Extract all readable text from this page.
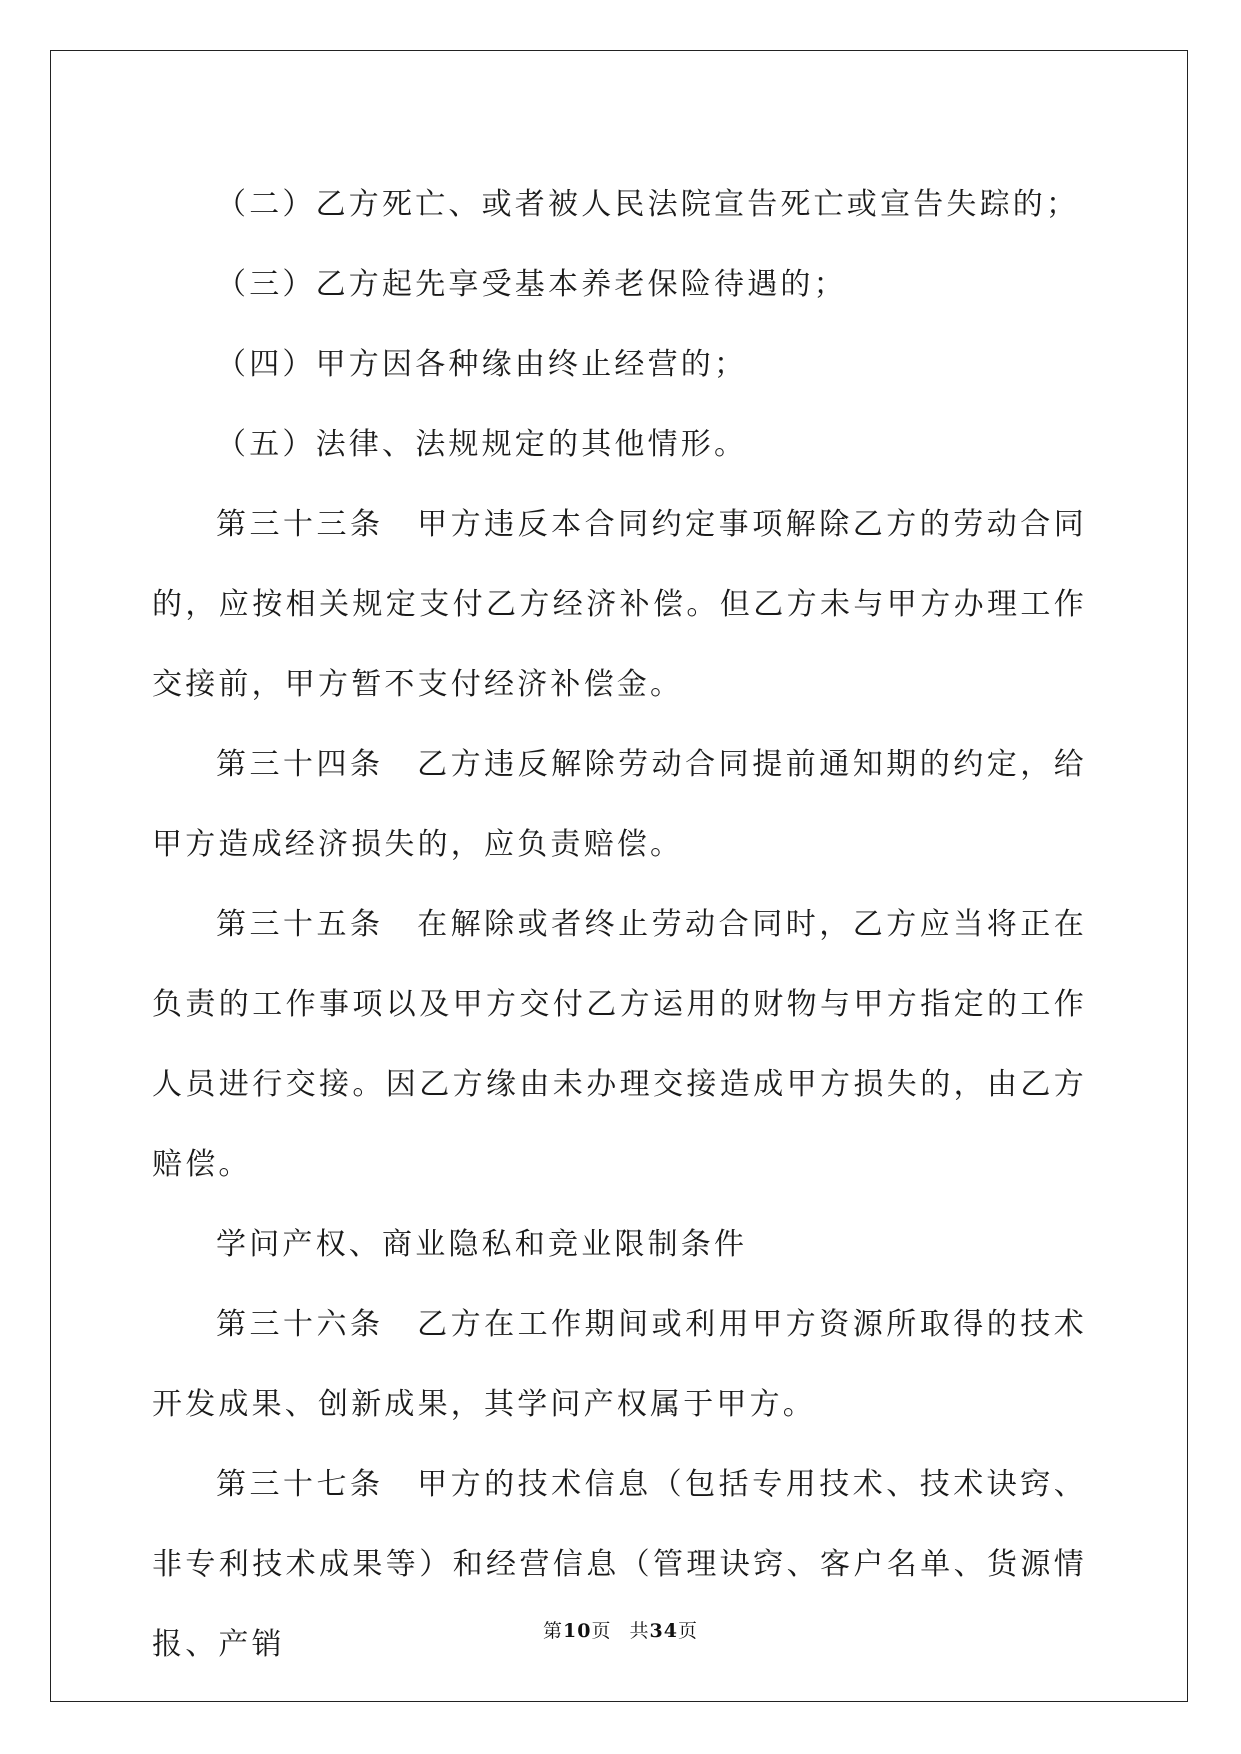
（二）乙方死亡、或者被人民法院宣告死亡或宣告失踪的；

（三）乙方起先享受基本养老保险待遇的；

（四）甲方因各种缘由终止经营的；

（五）法律、法规规定的其他情形。

第三十三条　甲方违反本合同约定事项解除乙方的劳动合同的，应按相关规定支付乙方经济补偿。但乙方未与甲方办理工作交接前，甲方暂不支付经济补偿金。

第三十四条　乙方违反解除劳动合同提前通知期的约定，给甲方造成经济损失的，应负责赔偿。

第三十五条　在解除或者终止劳动合同时，乙方应当将正在负责的工作事项以及甲方交付乙方运用的财物与甲方指定的工作人员进行交接。因乙方缘由未办理交接造成甲方损失的，由乙方赔偿。

学问产权、商业隐私和竞业限制条件

第三十六条　乙方在工作期间或利用甲方资源所取得的技术开发成果、创新成果，其学问产权属于甲方。

第三十七条　甲方的技术信息（包括专用技术、技术诀窍、非专利技术成果等）和经营信息（管理诀窍、客户名单、货源情报、产销	第10页 共34页
